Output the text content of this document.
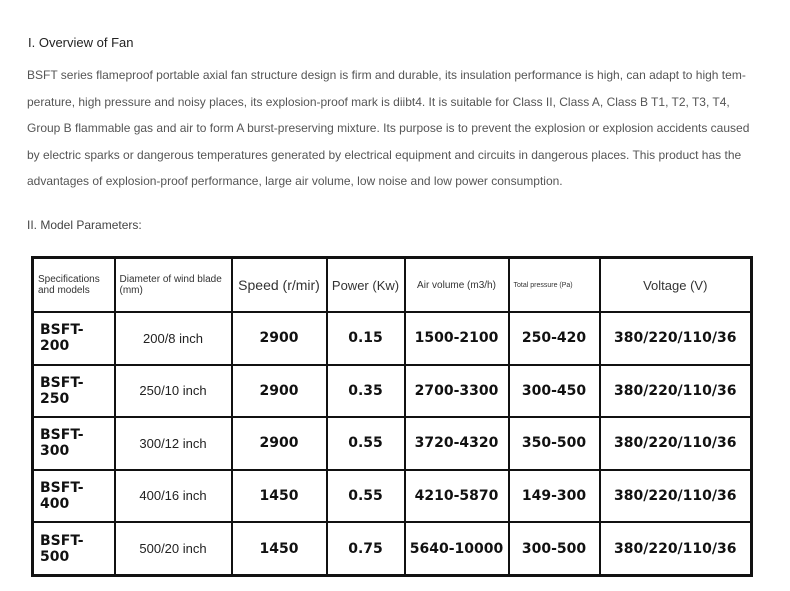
I. Overview of Fan
BSFT series flameproof portable axial fan structure design is firm and durable, its insulation performance is high, can adapt to high tem-
perature, high pressure and noisy places, its explosion-proof mark is diibt4. It is suitable for Class II, Class A, Class B T1, T2, T3, T4,
Group B flammable gas and air to form A burst-preserving mixture. Its purpose is to prevent the explosion or explosion accidents caused
by electric sparks or dangerous temperatures generated by electrical equipment and circuits in dangerous places. This product has the
advantages of explosion-proof performance, large air volume, low noise and low power consumption.
II. Model Parameters:
Specifications and models	Diameter of wind blade (mm)	Speed (r/mir)	Power (Kw)	Air volume (m3/h)	Total pressure (Pa)	Voltage (V)
BSFT-200	200/8 inch	2900	0.15	1500-2100	250-420	380/220/110/36
BSFT-250	250/10 inch	2900	0.35	2700-3300	300-450	380/220/110/36
BSFT-300	300/12 inch	2900	0.55	3720-4320	350-500	380/220/110/36
BSFT-400	400/16 inch	1450	0.55	4210-5870	149-300	380/220/110/36
BSFT-500	500/20 inch	1450	0.75	5640-10000	300-500	380/220/110/36
